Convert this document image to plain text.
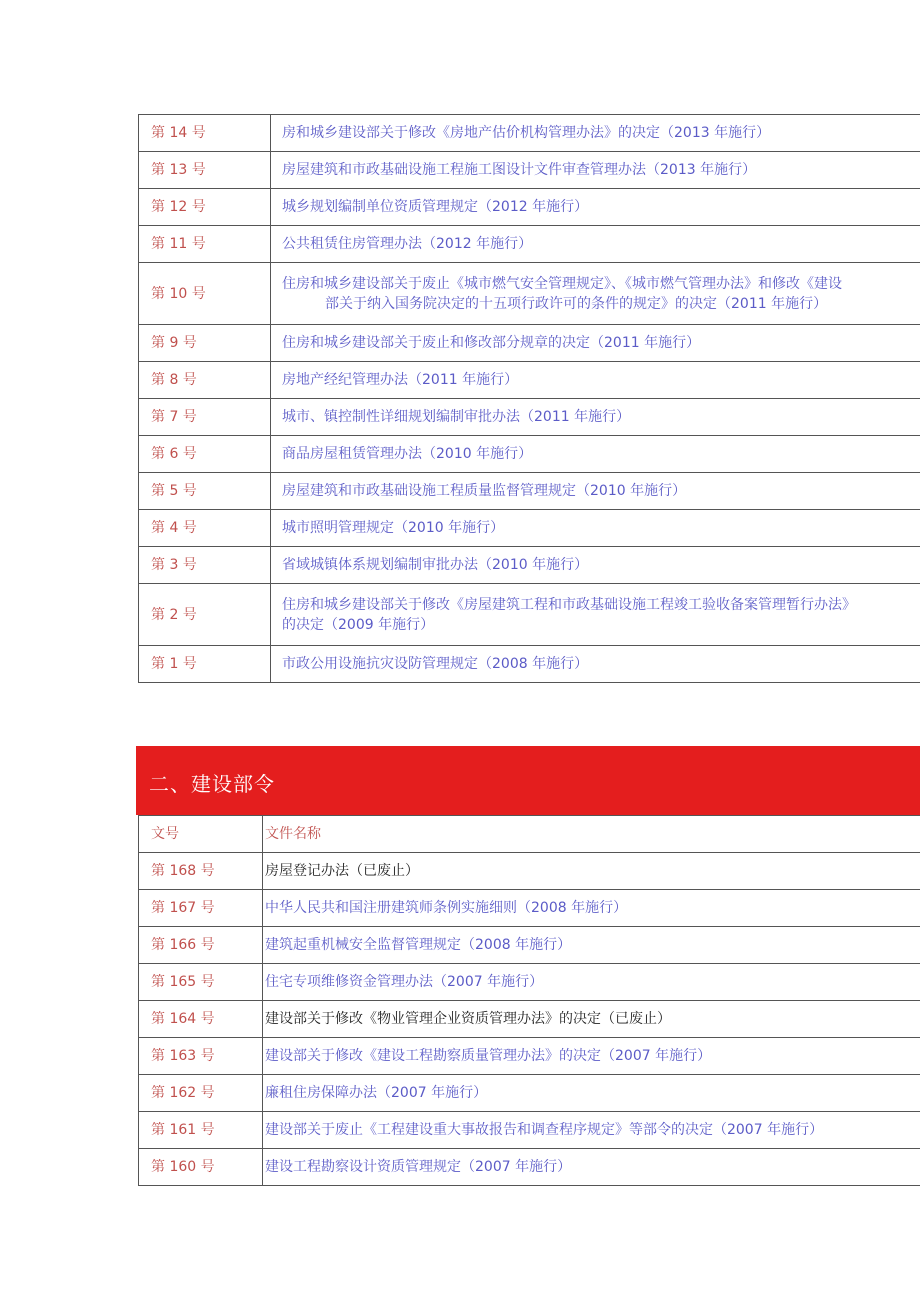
第 14 号	房和城乡建设部关于修改《房地产估价机构管理办法》的决定（2013 年施行）
第 13 号	房屋建筑和市政基础设施工程施工图设计文件审查管理办法（2013 年施行）
第 12 号	城乡规划编制单位资质管理规定（2012 年施行）
第 11 号	公共租赁住房管理办法（2012 年施行）
第 10 号	住房和城乡建设部关于废止《城市燃气安全管理规定》、《城市燃气管理办法》和修改《建设
部关于纳入国务院决定的十五项行政许可的条件的规定》的决定（2011 年施行）

第 9 号	住房和城乡建设部关于废止和修改部分规章的决定（2011 年施行）
第 8 号	房地产经纪管理办法（2011 年施行）
第 7 号	城市、镇控制性详细规划编制审批办法（2011 年施行）
第 6 号	商品房屋租赁管理办法（2010 年施行）
第 5 号	房屋建筑和市政基础设施工程质量监督管理规定（2010 年施行）
第 4 号	城市照明管理规定（2010 年施行）
第 3 号	省域城镇体系规划编制审批办法（2010 年施行）
第 2 号	住房和城乡建设部关于修改《房屋建筑工程和市政基础设施工程竣工验收备案管理暂行办法》
的决定（2009 年施行）

第 1 号	市政公用设施抗灾设防管理规定（2008 年施行）
二、建设部令
文号	文件名称
第 168 号	房屋登记办法（已废止）
第 167 号	中华人民共和国注册建筑师条例实施细则（2008 年施行）
第 166 号	建筑起重机械安全监督管理规定（2008 年施行）
第 165 号	住宅专项维修资金管理办法（2007 年施行）
第 164 号	建设部关于修改《物业管理企业资质管理办法》的决定（已废止）
第 163 号	建设部关于修改《建设工程勘察质量管理办法》的决定（2007 年施行）
第 162 号	廉租住房保障办法（2007 年施行）
第 161 号	建设部关于废止《工程建设重大事故报告和调查程序规定》等部令的决定（2007 年施行）
第 160 号	建设工程勘察设计资质管理规定（2007 年施行）
